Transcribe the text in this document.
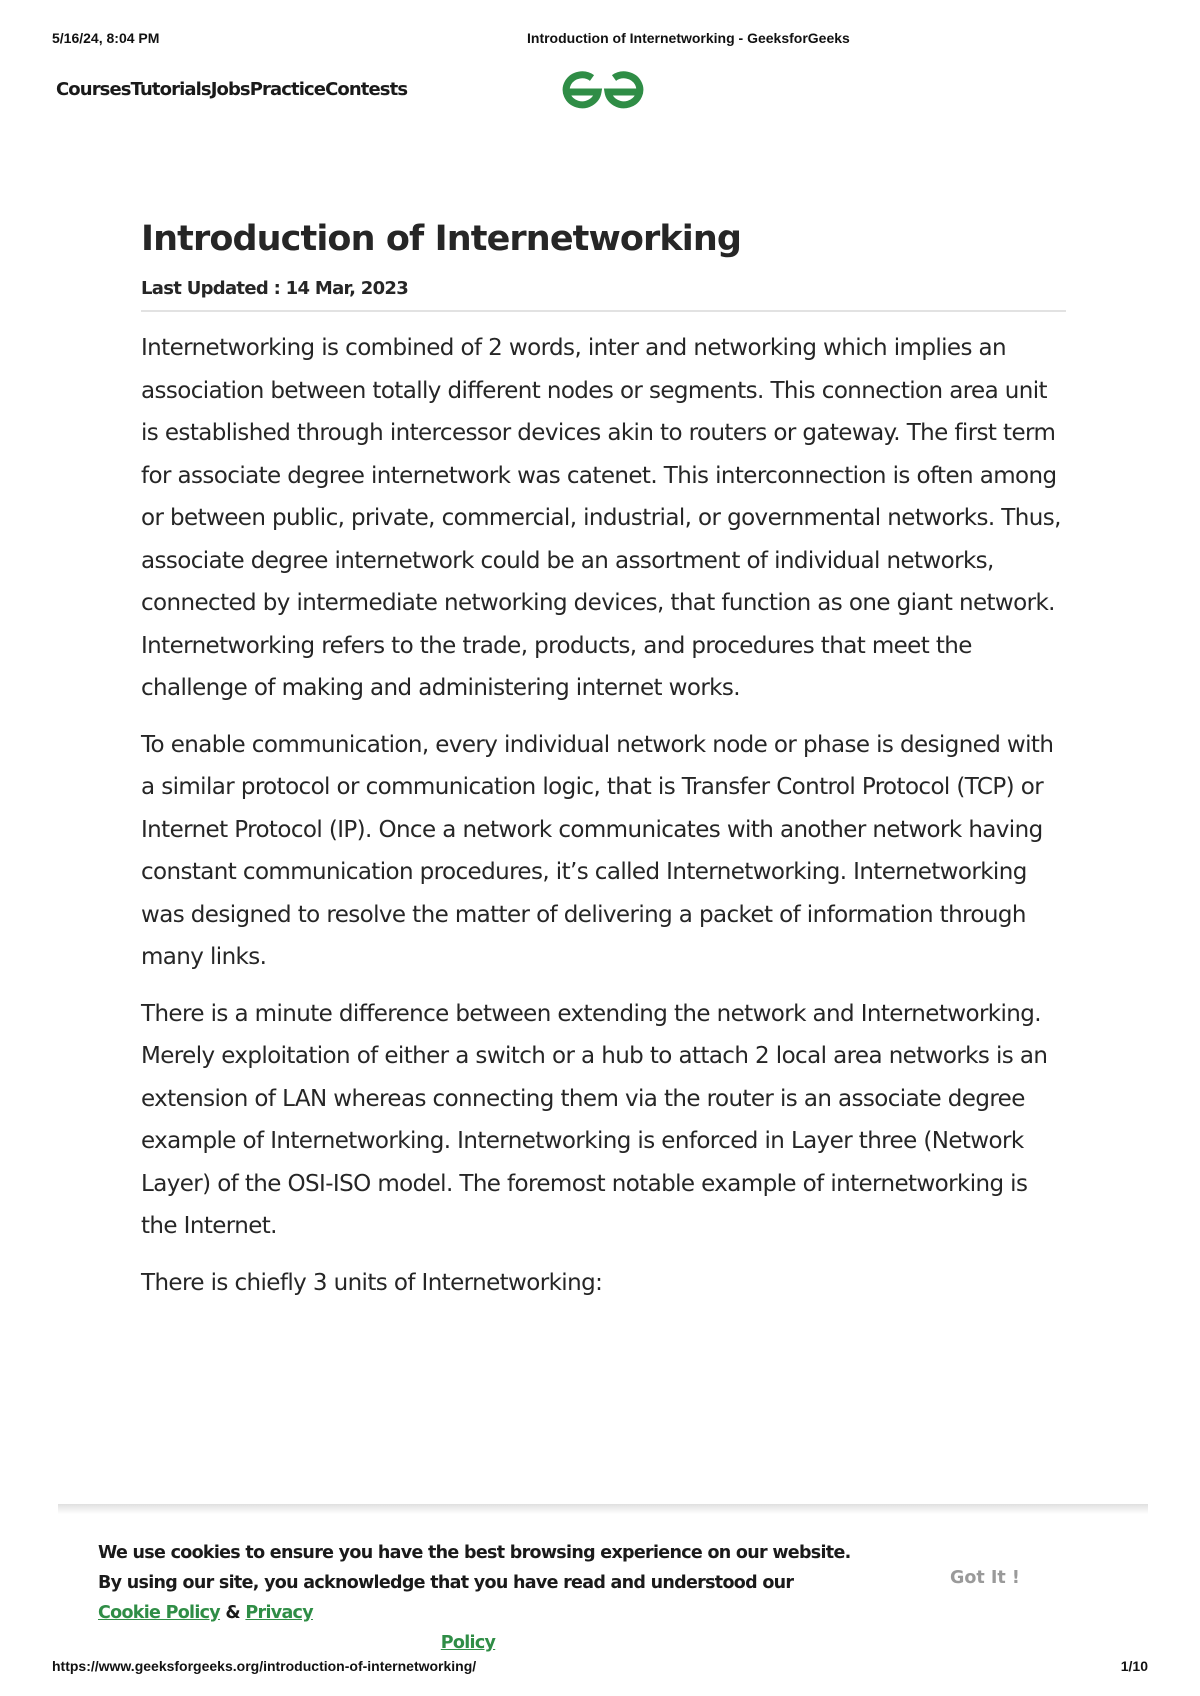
5/16/24, 8:04 PM	Introduction of Internetworking - GeeksforGeeks
Courses Tutorials Jobs Practice Contests
Introduction of Internetworking
Last Updated : 14 Mar, 2023

Internetworking is combined of 2 words, inter and networking which implies an association between totally different nodes or segments. This connection area unit is established through intercessor devices akin to routers or gateway. The first term for associate degree internetwork was catenet. This interconnection is often among or between public, private, commercial, industrial, or governmental networks. Thus, associate degree internetwork could be an assortment of individual networks, connected by intermediate networking devices, that function as one giant network. Internetworking refers to the trade, products, and procedures that meet the challenge of making and administering internet works.

To enable communication, every individual network node or phase is designed with a similar protocol or communication logic, that is Transfer Control Protocol (TCP) or Internet Protocol (IP). Once a network communicates with another network having constant communication procedures, it’s called Internetworking. Internetworking was designed to resolve the matter of delivering a packet of information through many links.

There is a minute difference between extending the network and Internetworking. Merely exploitation of either a switch or a hub to attach 2 local area networks is an extension of LAN whereas connecting them via the router is an associate degree example of Internetworking. Internetworking is enforced in Layer three (Network Layer) of the OSI-ISO model. The foremost notable example of internetworking is the Internet.

There is chiefly 3 units of Internetworking:

We use cookies to ensure you have the best browsing experience on our website. By using our site, you acknowledge that you have read and understood our Cookie Policy & Privacy
Policy
Got It !
https://www.geeksforgeeks.org/introduction-of-internetworking/	1/10
